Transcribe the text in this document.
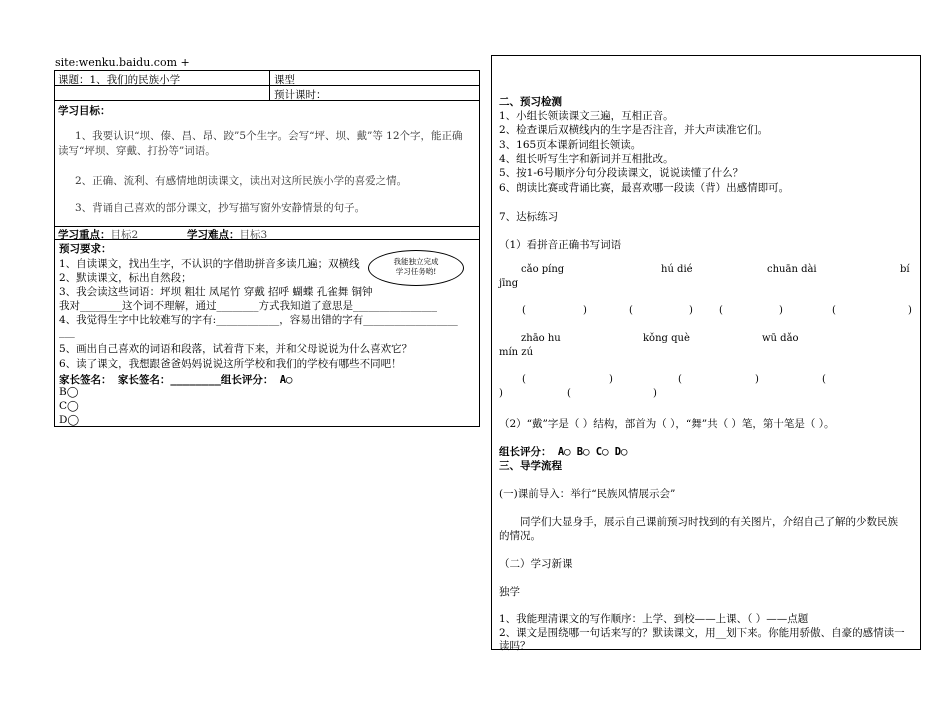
site:wenku.baidu.com +
课题：1、我们的民族小学	课型
预计课时：
学习目标：

1、我要认识“坝、傣、昌、昂、跤”5个生字。会写“坪、坝、戴”等 12个字，能正确

读写“坪坝、穿戴、打扮等”词语。

2、正确、流利、有感情地朗读课文，读出对这所民族小学的喜爱之情。

3、背诵自己喜欢的部分课文，抄写描写窗外安静情景的句子。

学习重点：目标2	学习难点：目标3
预习要求：
1、自读课文，找出生字，不认识的字借助拼音多读几遍；双横线
2、默读课文，标出自然段；
3、我会读这些词语：坪坝 粗壮 凤尾竹 穿戴 招呼 蝴蝶 孔雀舞 铜钟
我对________这个词不理解，通过________方式我知道了意思是________________
4、我觉得生字中比较难写的字有:____________，容易出错的字有__________________
___
5、画出自己喜欢的词语和段落，试着背下来，并和父母说说为什么喜欢它？
6、读了课文，我想跟爸爸妈妈说说这所学校和我们的学校有哪些不同吧！
家长签名： 家长签名：________组长评分： A◯
B◯
C◯
D◯
我能独立完成
学习任务哟!
二、预习检测
1、小组长领读课文三遍，互相正音。
2、检查课后双横线内的生字是否注音，并大声读准它们。
3、165页本课新词组长领读。
4、组长听写生字和新词并互相批改。
5、按1-6号顺序分句分段读课文，说说读懂了什么？
6、朗读比赛或背诵比赛，最喜欢哪一段读（背）出感情即可。
7、达标练习
（1）看拼音正确书写词语
cǎo píng	hú dié	chuān dài	bí
jīng
(	)	(	)	(	)	(	)
zhāo hu	kǒng què	wū dǎo
mín zú
(	)	(	)	(
)	(	)
（2）“戴”字是（ ）结构，部首为（ ），“舞”共（ ）笔，第十笔是（ ）。
组长评分： A◯ B◯ C◯ D◯
三、导学流程
(一)课前导入：举行“民族风情展示会”
同学们大显身手，展示自己课前预习时找到的有关图片，介绍自己了解的少数民族
的情况。
（二）学习新课
独学
1、我能理清课文的写作顺序：上学、到校——上课、（ ）——点题
2、课文是围绕哪一句话来写的？默读课文，用__划下来。你能用骄傲、自豪的感情读一
读吗？
